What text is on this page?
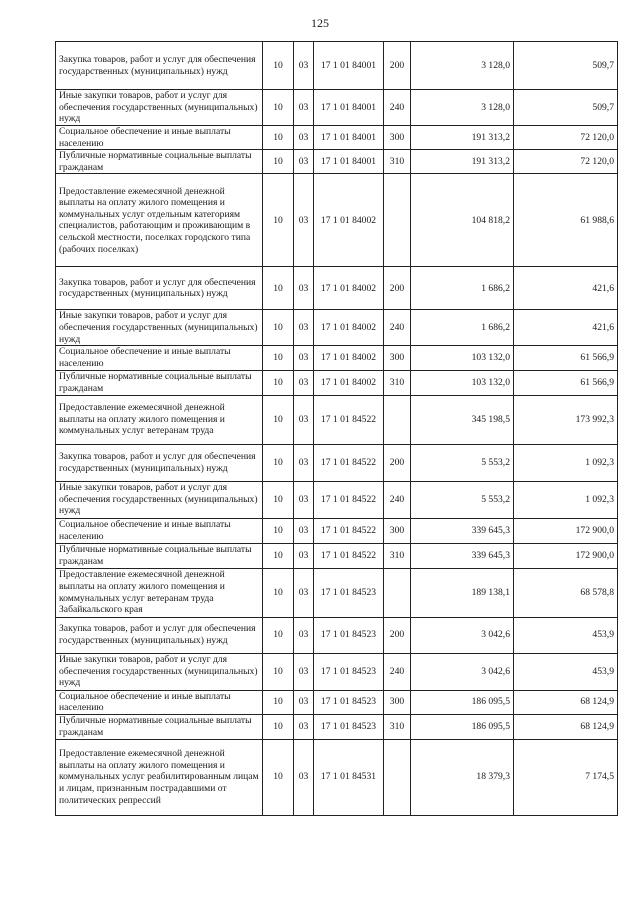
125
Закупка товаров, работ и услуг для обеспечения государственных (муниципальных) нужд	10	03	17 1 01 84001	200	3 128,0	509,7
Иные закупки товаров, работ и услуг для обеспечения государственных (муниципальных) нужд	10	03	17 1 01 84001	240	3 128,0	509,7
Социальное обеспечение и иные выплаты населению	10	03	17 1 01 84001	300	191 313,2	72 120,0
Публичные нормативные социальные выплаты гражданам	10	03	17 1 01 84001	310	191 313,2	72 120,0
Предоставление ежемесячной денежной выплаты на оплату жилого помещения и коммунальных услуг отдельным категориям специалистов, работающим и проживающим в сельской местности, поселках городского типа (рабочих поселках)	10	03	17 1 01 84002		104 818,2	61 988,6
Закупка товаров, работ и услуг для обеспечения государственных (муниципальных) нужд	10	03	17 1 01 84002	200	1 686,2	421,6
Иные закупки товаров, работ и услуг для обеспечения государственных (муниципальных) нужд	10	03	17 1 01 84002	240	1 686,2	421,6
Социальное обеспечение и иные выплаты населению	10	03	17 1 01 84002	300	103 132,0	61 566,9
Публичные нормативные социальные выплаты гражданам	10	03	17 1 01 84002	310	103 132,0	61 566,9
Предоставление ежемесячной денежной выплаты на оплату жилого помещения и коммунальных услуг ветеранам труда	10	03	17 1 01 84522		345 198,5	173 992,3
Закупка товаров, работ и услуг для обеспечения государственных (муниципальных) нужд	10	03	17 1 01 84522	200	5 553,2	1 092,3
Иные закупки товаров, работ и услуг для обеспечения государственных (муниципальных) нужд	10	03	17 1 01 84522	240	5 553,2	1 092,3
Социальное обеспечение и иные выплаты населению	10	03	17 1 01 84522	300	339 645,3	172 900,0
Публичные нормативные социальные выплаты гражданам	10	03	17 1 01 84522	310	339 645,3	172 900,0
Предоставление ежемесячной денежной выплаты на оплату жилого помещения и коммунальных услуг ветеранам труда Забайкальского края	10	03	17 1 01 84523		189 138,1	68 578,8
Закупка товаров, работ и услуг для обеспечения государственных (муниципальных) нужд	10	03	17 1 01 84523	200	3 042,6	453,9
Иные закупки товаров, работ и услуг для обеспечения государственных (муниципальных) нужд	10	03	17 1 01 84523	240	3 042,6	453,9
Социальное обеспечение и иные выплаты населению	10	03	17 1 01 84523	300	186 095,5	68 124,9
Публичные нормативные социальные выплаты гражданам	10	03	17 1 01 84523	310	186 095,5	68 124,9
Предоставление ежемесячной денежной выплаты на оплату жилого помещения и коммунальных услуг реабилитированным лицам и лицам, признанным пострадавшими от политических репрессий	10	03	17 1 01 84531		18 379,3	7 174,5
